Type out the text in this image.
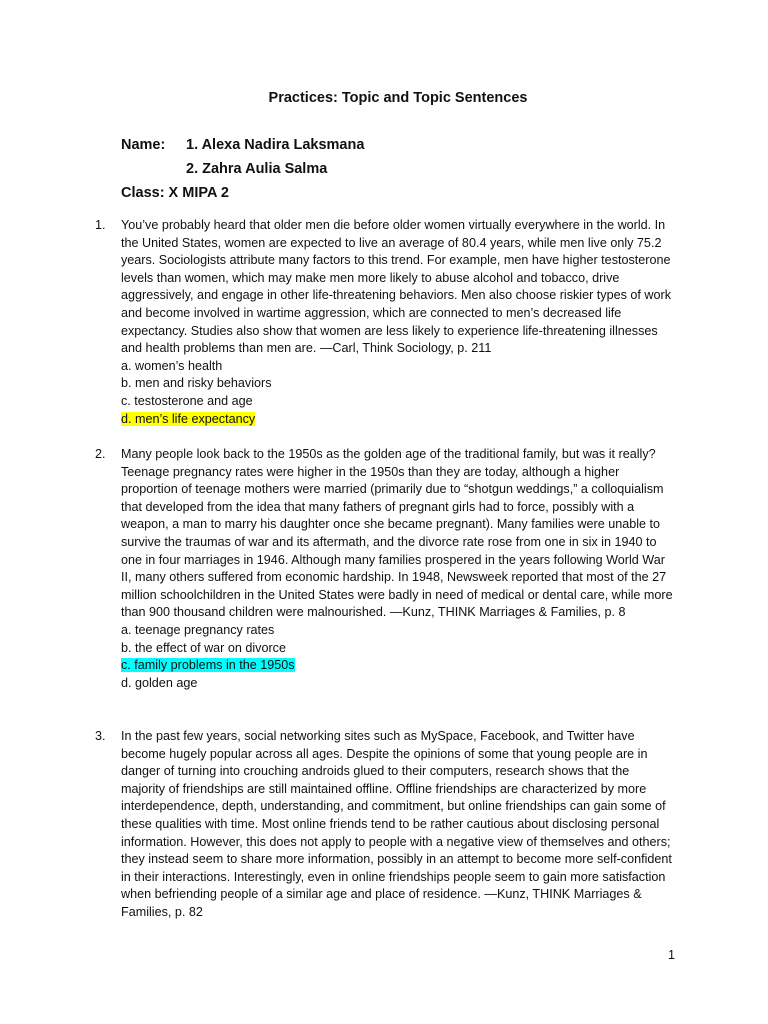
Practices: Topic and Topic Sentences
Name: 1. Alexa Nadira Laksmana
2. Zahra Aulia Salma
Class: X MIPA 2
1.	You’ve probably heard that older men die before older women virtually everywhere in the world. In the United States, women are expected to live an average of 80.4 years, while men live only 75.2 years. Sociologists attribute many factors to this trend. For example, men have higher testosterone levels than women, which may make men more likely to abuse alcohol and tobacco, drive aggressively, and engage in other life-threatening behaviors. Men also choose riskier types of work and become involved in wartime aggression, which are connected to men’s decreased life expectancy. Studies also show that women are less likely to experience life-threatening illnesses and health problems than men are. —Carl, Think Sociology, p. 211
a. women’s health
b. men and risky behaviors
c. testosterone and age
d. men’s life expectancy
2.	Many people look back to the 1950s as the golden age of the traditional family, but was it really? Teenage pregnancy rates were higher in the 1950s than they are today, although a higher proportion of teenage mothers were married (primarily due to “shotgun weddings,” a colloquialism that developed from the idea that many fathers of pregnant girls had to force, possibly with a weapon, a man to marry his daughter once she became pregnant). Many families were unable to survive the traumas of war and its aftermath, and the divorce rate rose from one in six in 1940 to one in four marriages in 1946. Although many families prospered in the years following World War II, many others suffered from economic hardship. In 1948, Newsweek reported that most of the 27 million schoolchildren in the United States were badly in need of medical or dental care, while more than 900 thousand children were malnourished. —Kunz, THINK Marriages & Families, p. 8
a. teenage pregnancy rates
b. the effect of war on divorce
c. family problems in the 1950s
d. golden age
3.	In the past few years, social networking sites such as MySpace, Facebook, and Twitter have become hugely popular across all ages. Despite the opinions of some that young people are in danger of turning into crouching androids glued to their computers, research shows that the majority of friendships are still maintained offline. Offline friendships are characterized by more interdependence, depth, understanding, and commitment, but online friendships can gain some of these qualities with time. Most online friends tend to be rather cautious about disclosing personal information. However, this does not apply to people with a negative view of themselves and others; they instead seem to share more information, possibly in an attempt to become more self-confident in their interactions. Interestingly, even in online friendships people seem to gain more satisfaction when befriending people of a similar age and place of residence. —Kunz, THINK Marriages & Families, p. 82
1
